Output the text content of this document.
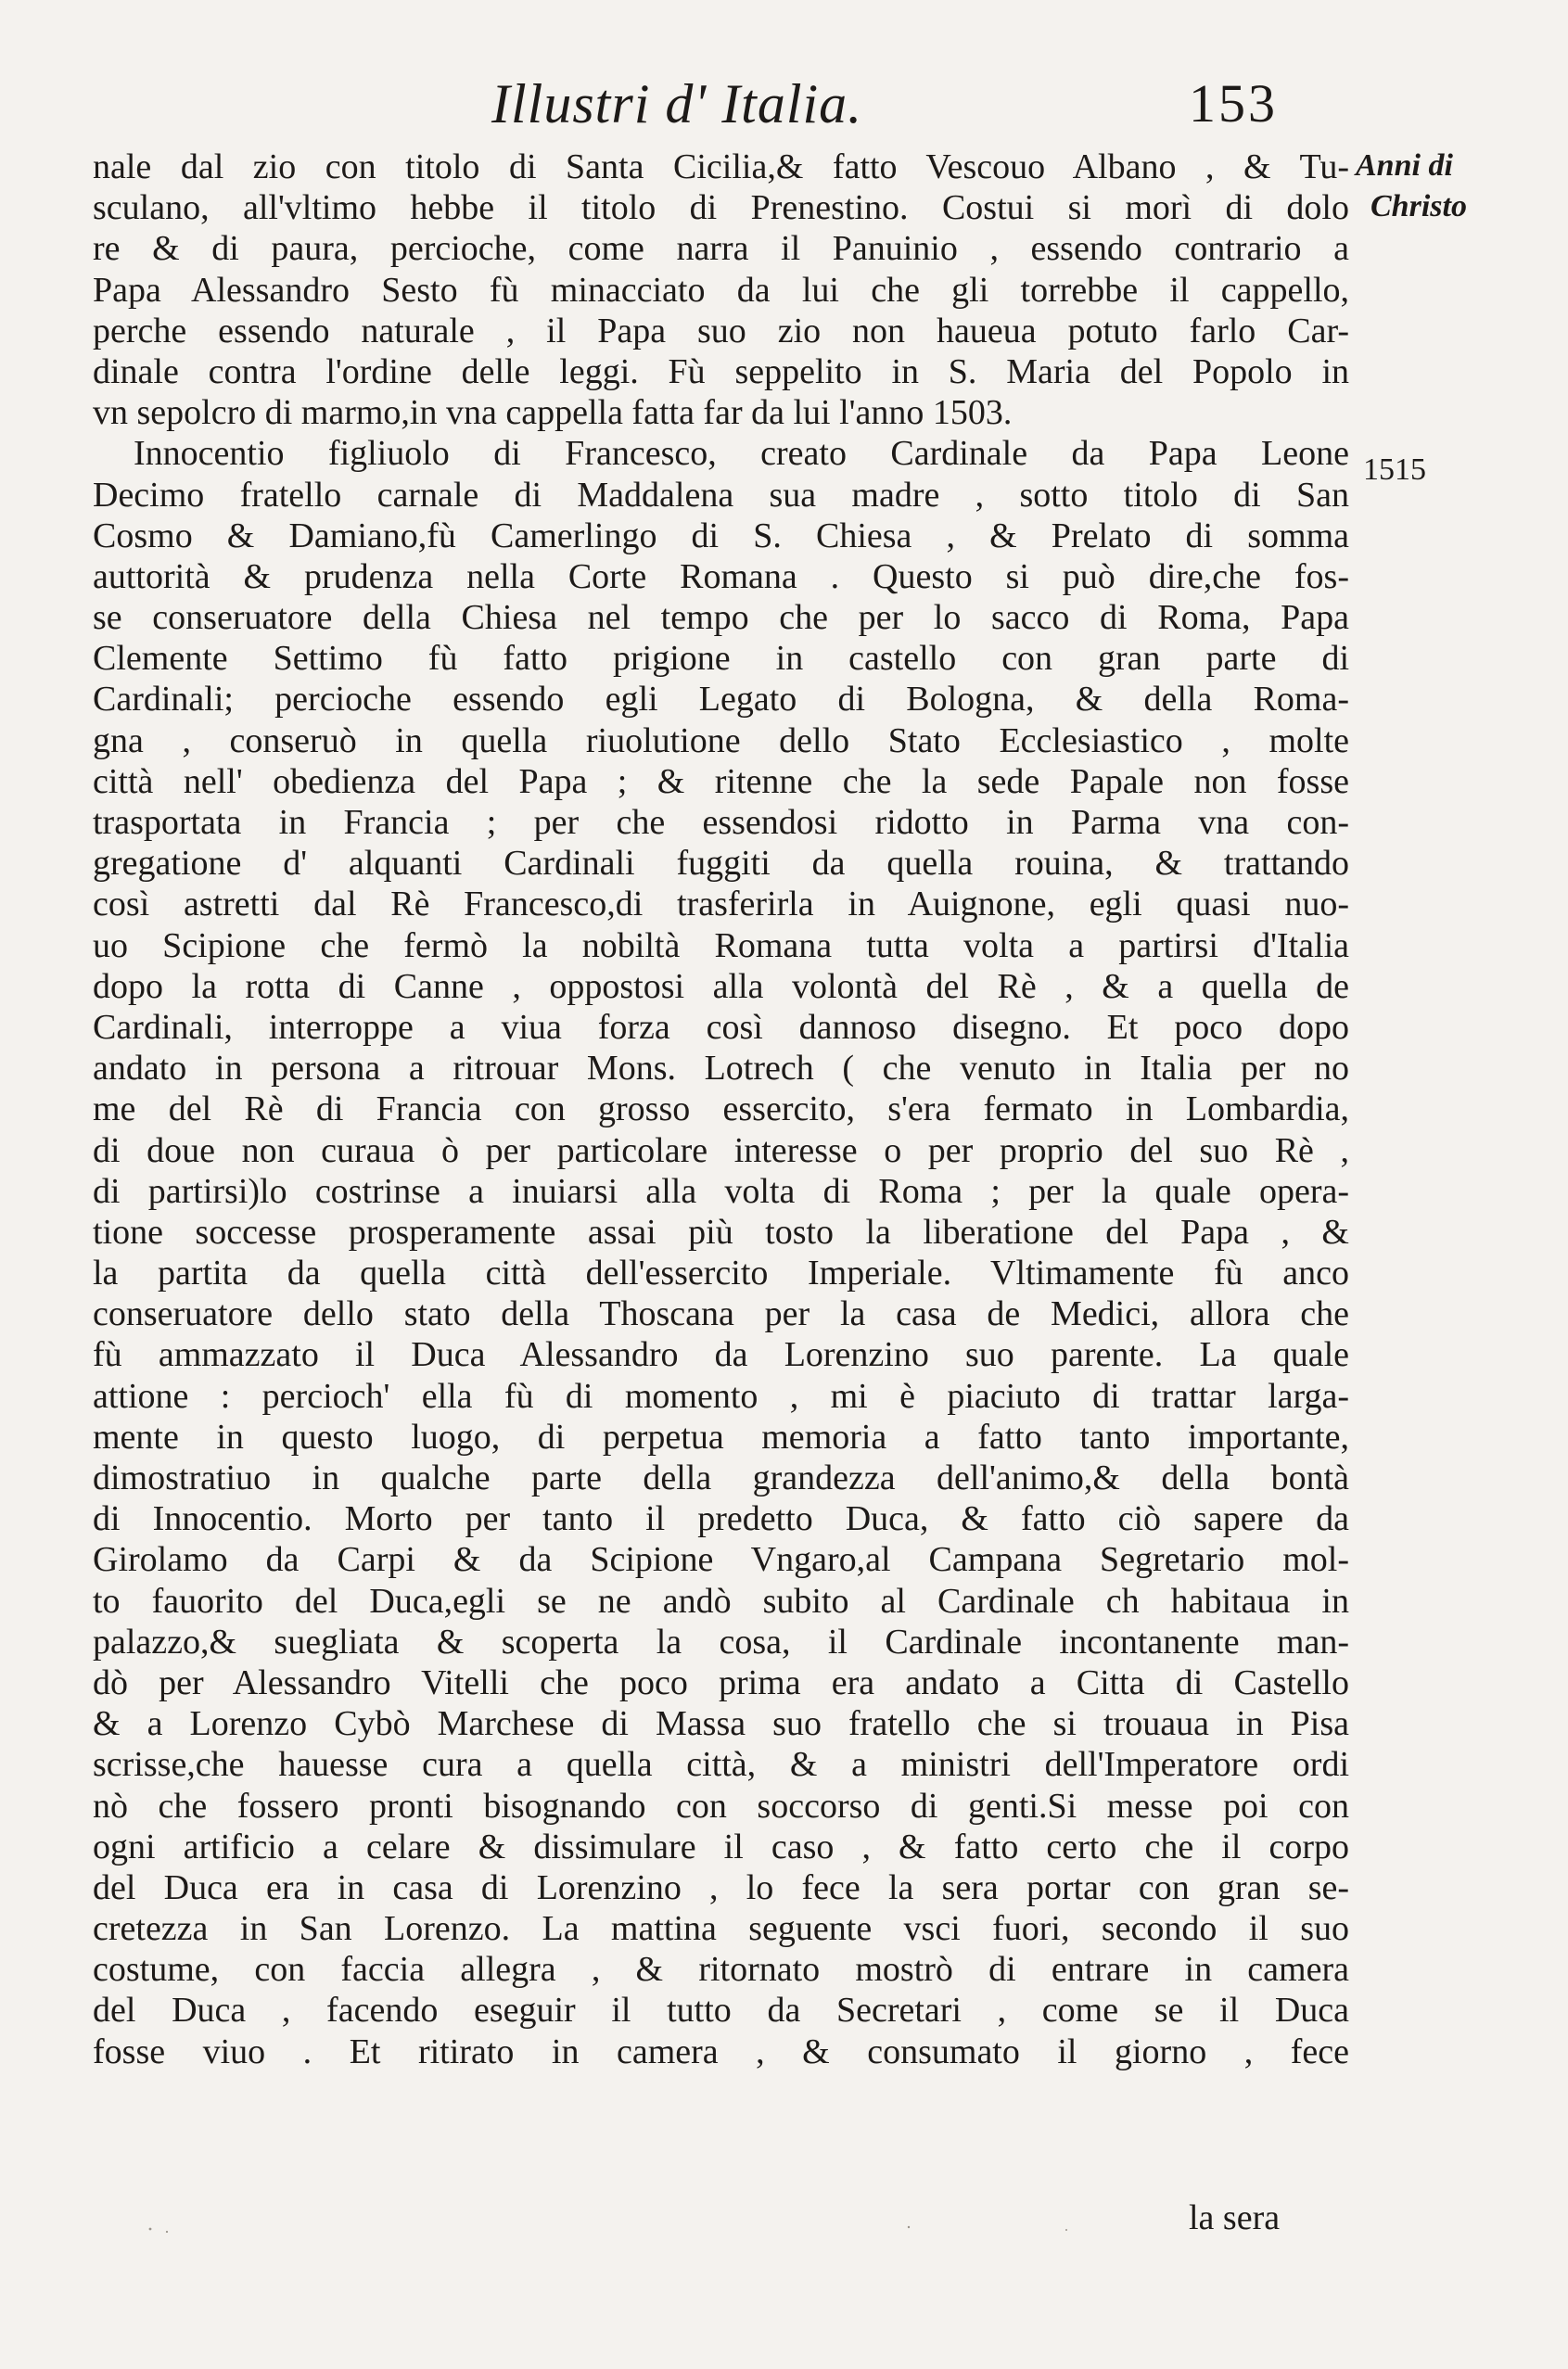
Illustri d' Italia.	153
Anni di
Christo
1515
nale dal zio con titolo di Santa Cicilia,& fatto Vescouo Albano , & Tu-
sculano, all'vltimo hebbe il titolo di Prenestino. Costui si morì di dolo
re & di paura, percioche, come narra il Panuinio , essendo contrario a
Papa Alessandro Sesto fù minacciato da lui che gli torrebbe il cappello,
perche essendo naturale , il Papa suo zio non haueua potuto farlo Car-
dinale contra l'ordine delle leggi. Fù seppelito in S. Maria del Popolo in
vn sepolcro di marmo,in vna cappella fatta far da lui l'anno 1503.
Innocentio figliuolo di Francesco, creato Cardinale da Papa Leone
Decimo fratello carnale di Maddalena sua madre , sotto titolo di San
Cosmo & Damiano,fù Camerlingo di S. Chiesa , & Prelato di somma
auttorità & prudenza nella Corte Romana . Questo si può dire,che fos-
se conseruatore della Chiesa nel tempo che per lo sacco di Roma, Papa
Clemente Settimo fù fatto prigione in castello con gran parte di
Cardinali; percioche essendo egli Legato di Bologna, & della Roma-
gna , conseruò in quella riuolutione dello Stato Ecclesiastico , molte
città nell' obedienza del Papa ; & ritenne che la sede Papale non fosse
trasportata in Francia ; per che essendosi ridotto in Parma vna con-
gregatione d' alquanti Cardinali fuggiti da quella rouina, & trattando
così astretti dal Rè Francesco,di trasferirla in Auignone, egli quasi nuo-
uo Scipione che fermò la nobiltà Romana tutta volta a partirsi d'Italia
dopo la rotta di Canne , oppostosi alla volontà del Rè , & a quella de
Cardinali, interroppe a viua forza così dannoso disegno. Et poco dopo
andato in persona a ritrouar Mons. Lotrech ( che venuto in Italia per no
me del Rè di Francia con grosso essercito, s'era fermato in Lombardia,
di doue non curaua ò per particolare interesse o per proprio del suo Rè ,
di partirsi)lo costrinse a inuiarsi alla volta di Roma ; per la quale opera-
tione soccesse prosperamente assai più tosto la liberatione del Papa , &
la partita da quella città dell'essercito Imperiale. Vltimamente fù anco
conseruatore dello stato della Thoscana per la casa de Medici, allora che
fù ammazzato il Duca Alessandro da Lorenzino suo parente. La quale
attione : percioch' ella fù di momento , mi è piaciuto di trattar larga-
mente in questo luogo, di perpetua memoria a fatto tanto importante,
dimostratiuo in qualche parte della grandezza dell'animo,& della bontà
di Innocentio. Morto per tanto il predetto Duca, & fatto ciò sapere da
Girolamo da Carpi & da Scipione Vngaro,al Campana Segretario mol-
to fauorito del Duca,egli se ne andò subito al Cardinale ch habitaua in
palazzo,& suegliata & scoperta la cosa, il Cardinale incontanente man-
dò per Alessandro Vitelli che poco prima era andato a Citta di Castello
& a Lorenzo Cybò Marchese di Massa suo fratello che si trouaua in Pisa
scrisse,che hauesse cura a quella città, & a ministri dell'Imperatore ordi
nò che fossero pronti bisognando con soccorso di genti.Si messe poi con
ogni artificio a celare & dissimulare il caso , & fatto certo che il corpo
del Duca era in casa di Lorenzino , lo fece la sera portar con gran se-
cretezza in San Lorenzo. La mattina seguente vsci fuori, secondo il suo
costume, con faccia allegra , & ritornato mostrò di entrare in camera
del Duca , facendo eseguir il tutto da Secretari , come se il Duca
fosse viuo . Et ritirato in camera , & consumato il giorno , fece
la sera
